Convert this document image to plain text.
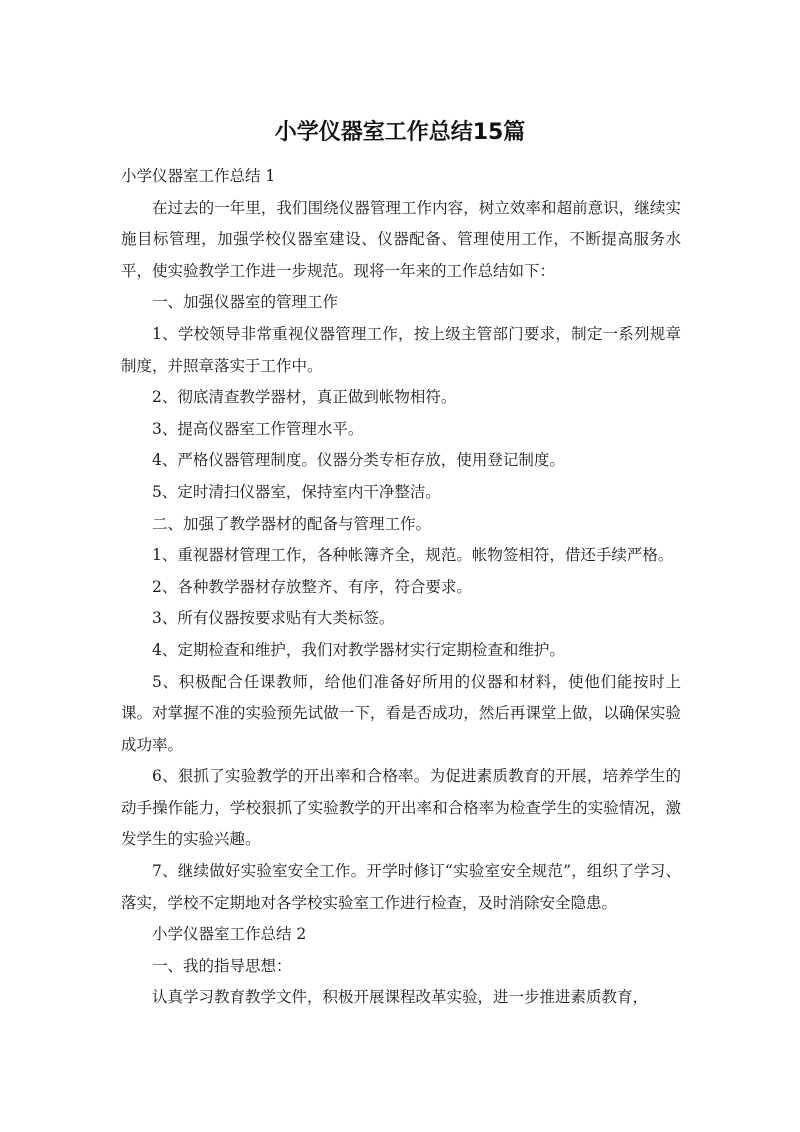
小学仪器室工作总结15篇

小学仪器室工作总结 1

在过去的一年里，我们围绕仪器管理工作内容，树立效率和超前意识，继续实施目标管理，加强学校仪器室建设、仪器配备、管理使用工作，不断提高服务水平，使实验教学工作进一步规范。现将一年来的工作总结如下：

一、加强仪器室的管理工作

1、学校领导非常重视仪器管理工作，按上级主管部门要求，制定一系列规章制度，并照章落实于工作中。

2、彻底清查教学器材，真正做到帐物相符。

3、提高仪器室工作管理水平。

4、严格仪器管理制度。仪器分类专柜存放，使用登记制度。

5、定时清扫仪器室，保持室内干净整洁。

二、加强了教学器材的配备与管理工作。

1、重视器材管理工作，各种帐簿齐全，规范。帐物签相符，借还手续严格。

2、各种教学器材存放整齐、有序，符合要求。

3、所有仪器按要求贴有大类标签。

4、定期检查和维护，我们对教学器材实行定期检查和维护。

5、积极配合任课教师，给他们准备好所用的仪器和材料，使他们能按时上课。对掌握不准的实验预先试做一下，看是否成功，然后再课堂上做，以确保实验成功率。

6、狠抓了实验教学的开出率和合格率。为促进素质教育的开展，培养学生的动手操作能力，学校狠抓了实验教学的开出率和合格率为检查学生的实验情况，激发学生的实验兴趣。

7、继续做好实验室安全工作。开学时修订“实验室安全规范”，组织了学习、落实，学校不定期地对各学校实验室工作进行检查，及时消除安全隐患。

小学仪器室工作总结 2

一、我的指导思想：

认真学习教育教学文件，积极开展课程改革实验，进一步推进素质教育，
